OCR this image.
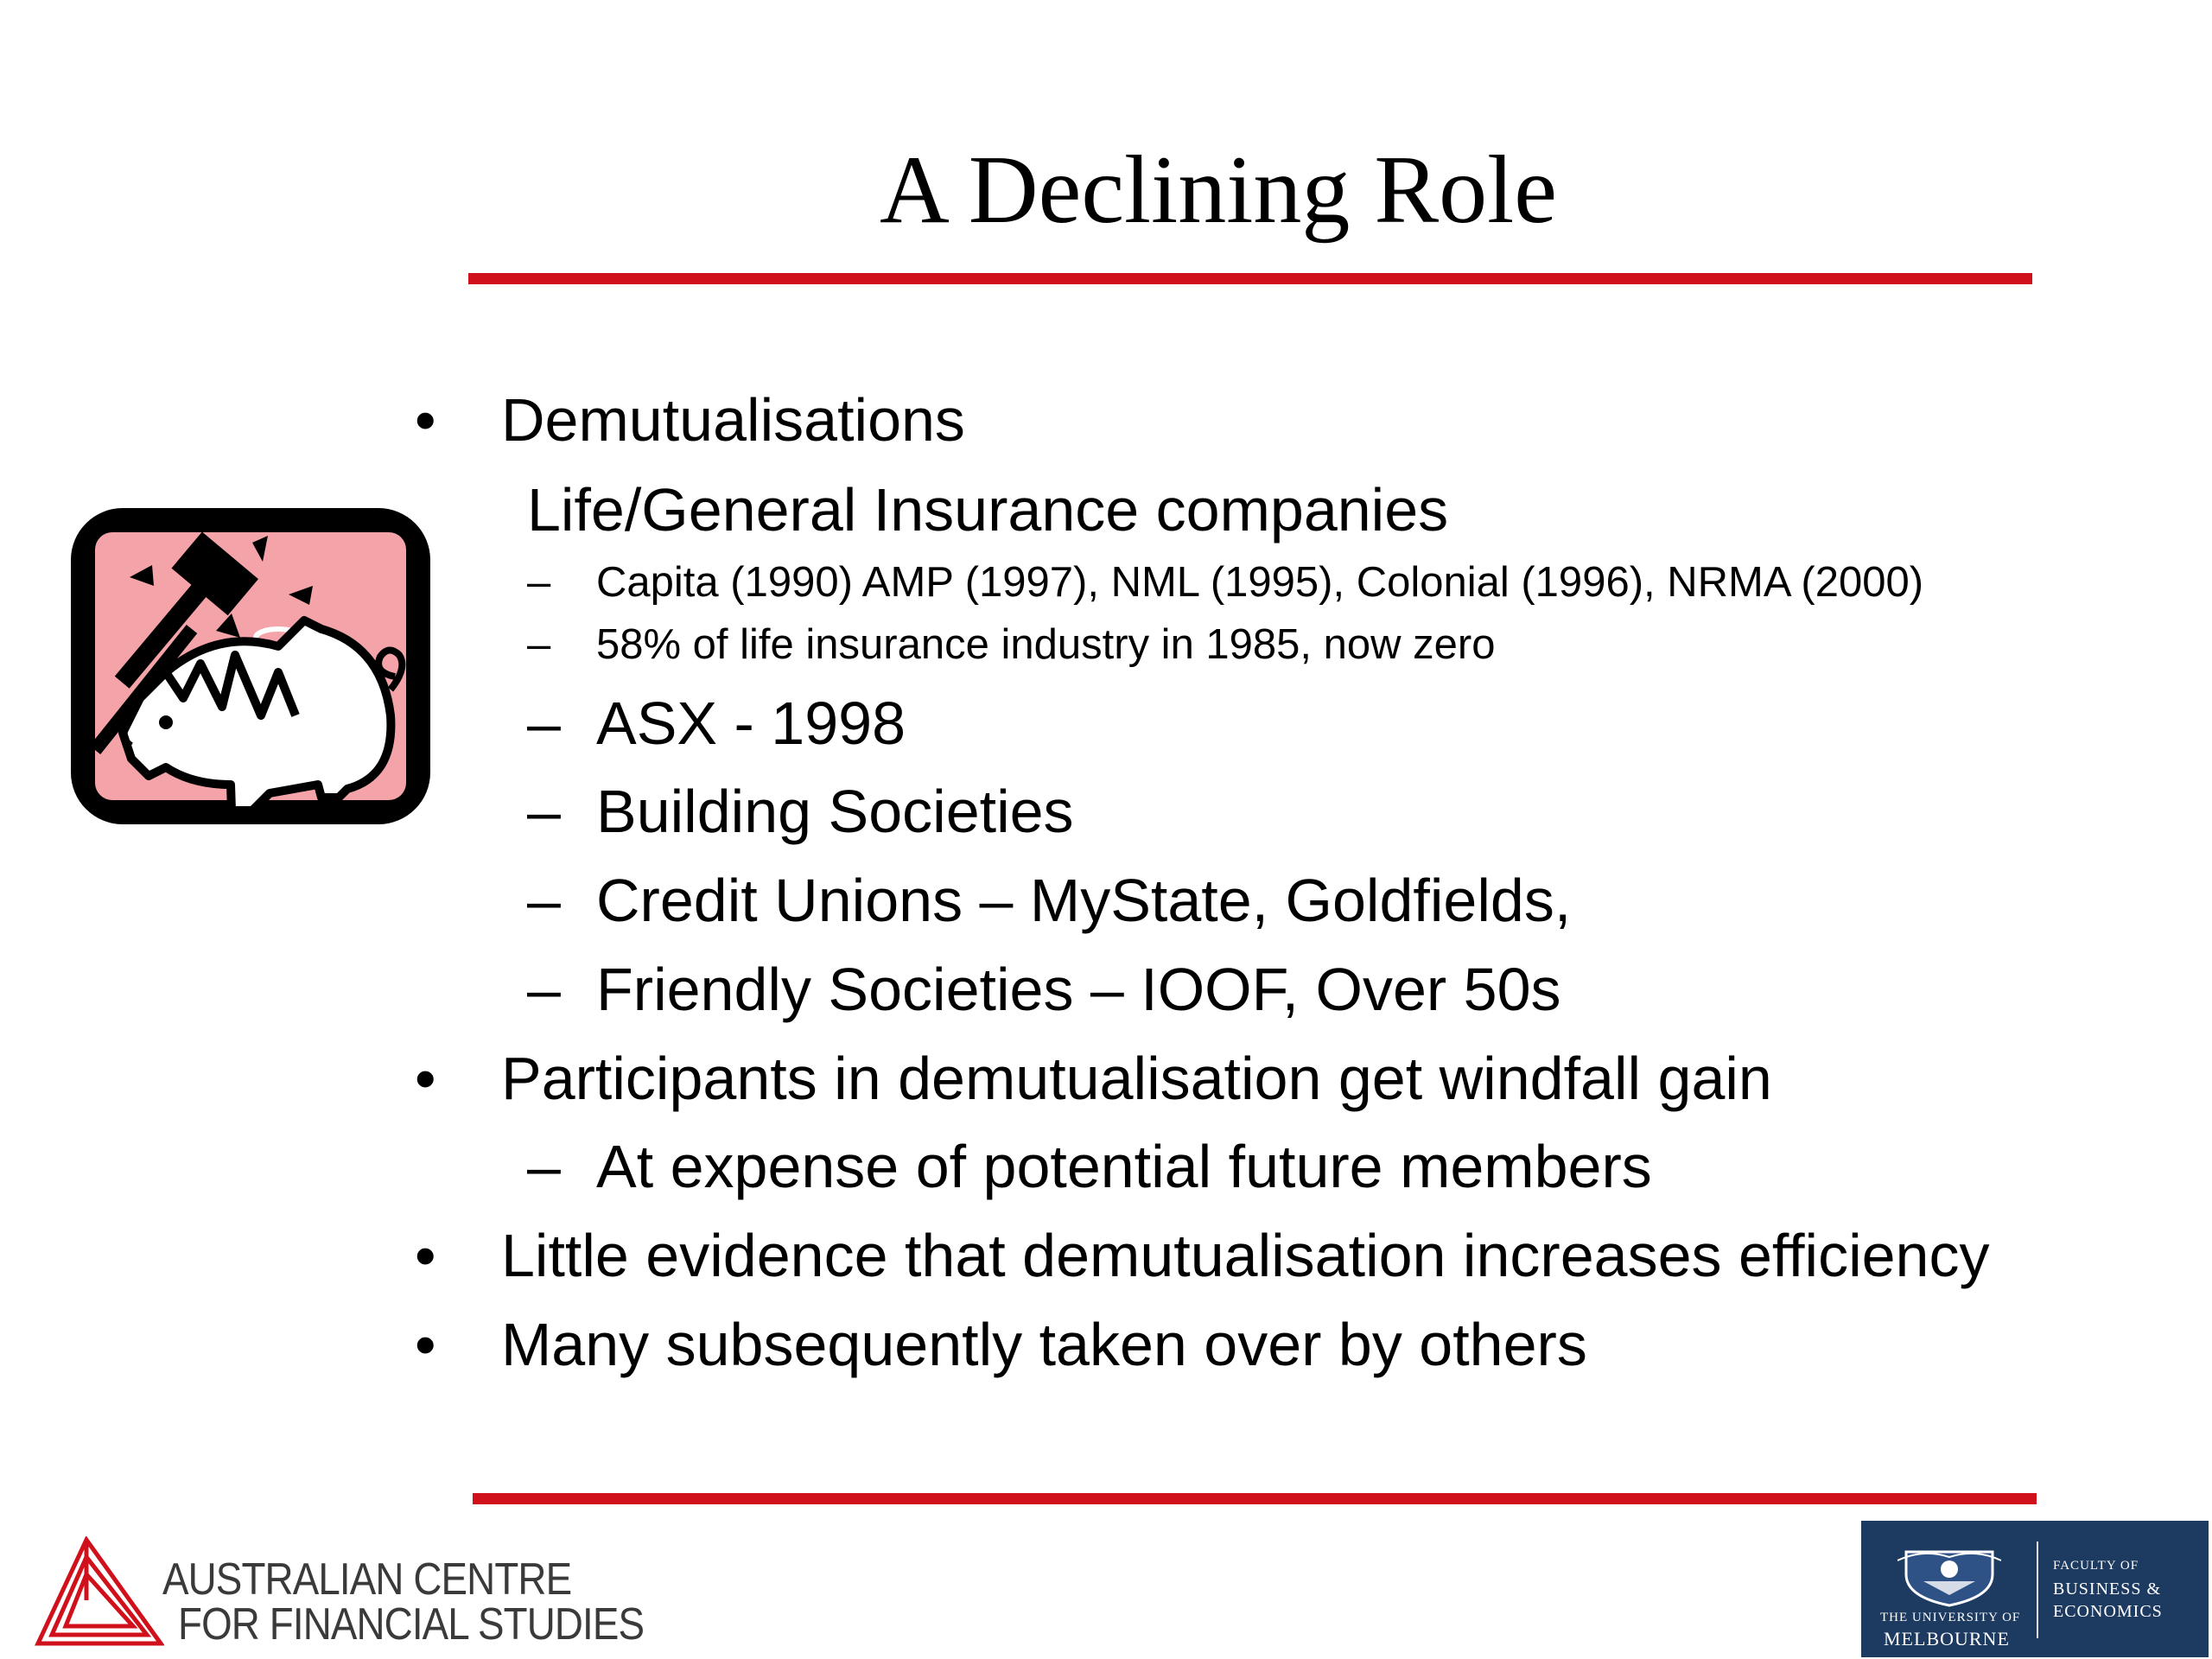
A Declining Role
• Demutualisations
Life/General Insurance companies
– Capita (1990) AMP (1997), NML (1995), Colonial (1996), NRMA (2000)
– 58% of life insurance industry in 1985, now zero
– ASX - 1998
– Building Societies
– Credit Unions – MyState, Goldfields,
– Friendly Societies – IOOF, Over 50s
• Participants in demutualisation get windfall gain
– At expense of potential future members
• Little evidence that demutualisation increases efficiency
• Many subsequently taken over by others
AUSTRALIAN CENTRE
FOR FINANCIAL STUDIES	THE UNIVERSITY OF
MELBOURNE
FACULTY OF
BUSINESS &
ECONOMICS
